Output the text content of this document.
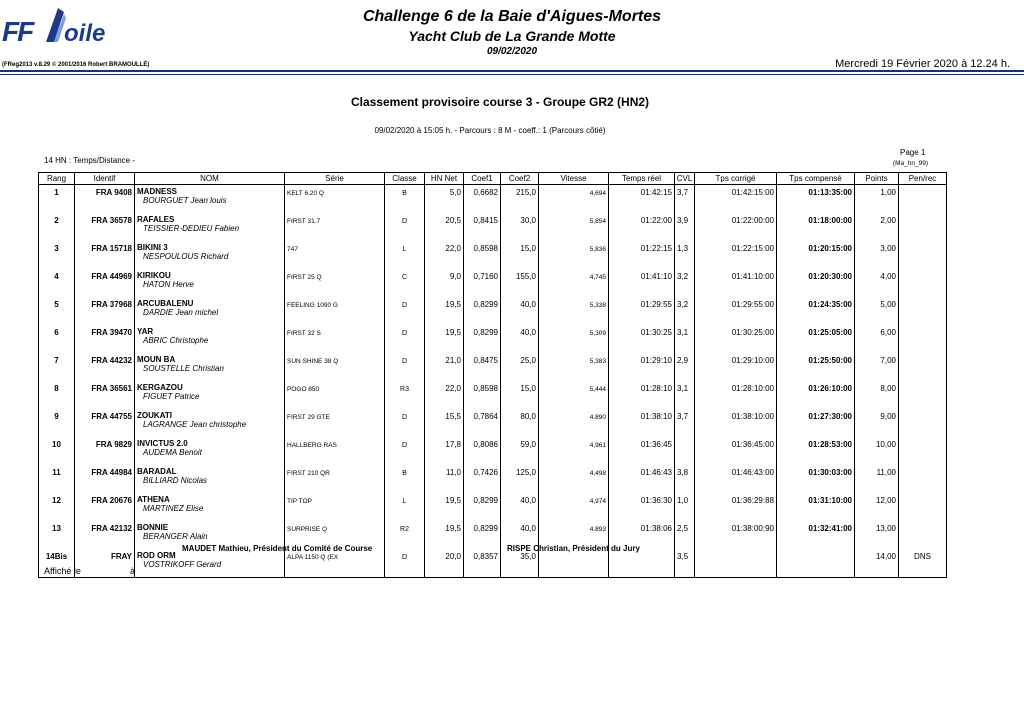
FF oile
Challenge 6 de la Baie d'Aigues-Mortes
Yacht Club de La Grande Motte
09/02/2020
(FReg2013 v.8.29 © 2001/2016 Robert BRAMOULLÉ)	Mercredi 19 Février 2020 à 12.24 h.
Classement provisoire course 3 - Groupe GR2 (HN2)
09/02/2020 à 15:05 h. - Parcours : 8 M - coeff.: 1 (Parcours côtié)
14 HN : Temps/Distance -
Page 1
(Ma_hn_99)
Rang	Identif	NOM	Série	Classe	HN Net	Coef1	Coef2	Vitesse	Temps réel	CVL	Tps corrigé	Tps compensé	Points	Pen/rec
1	FRA 9408	MADNESS
BOURGUET Jean louis	KELT 6,20 Q	B	5,0	0,6682	215,0	4,694	01:42:15	3,7	01:42:15:00	01:13:35:00	1,00	
2	FRA 36578	RAFALES
TEISSIER-DEDIEU Fabien	FIRST 31.7	D	20,5	0,8415	30,0	5,854	01:22:00	3,9	01:22:00:00	01:18:00:00	2,00	
3	FRA 15718	BIKINI 3
NESPOULOUS Richard	747	L	22,0	0,8598	15,0	5,836	01:22:15	1,3	01:22:15:00	01:20:15:00	3,00	
4	FRA 44969	KIRIKOU
HATON Herve	FIRST 25 Q	C	9,0	0,7160	155,0	4,745	01:41:10	3,2	01:41:10:00	01:20:30:00	4,00	
5	FRA 37968	ARCUBALENU
DARDIE Jean michel	FEELING 1090 G	D	19,5	0,8299	40,0	5,338	01:29:55	3,2	01:29:55:00	01:24:35:00	5,00	
6	FRA 39470	YAR
ABRIC Christophe	FIRST 32 S	D	19,5	0,8299	40,0	5,309	01:30:25	3,1	01:30:25:00	01:25:05:00	6,00	
7	FRA 44232	MOUN BA
SOUSTELLE Christian	SUN SHINE 38 Q	D	21,0	0,8475	25,0	5,383	01:29:10	2,9	01:29:10:00	01:25:50:00	7,00	
8	FRA 36561	KERGAZOU
FIGUET Patrice	POGO 850	R3	22,0	0,8598	15,0	5,444	01:28:10	3,1	01:28:10:00	01:26:10:00	8,00	
9	FRA 44755	ZOUKATI
LAGRANGE Jean christophe	FIRST 29 GTE	D	15,5	0,7864	80,0	4,890	01:38:10	3,7	01:38:10:00	01:27:30:00	9,00	
10	FRA 9829	INVICTUS 2.0
AUDEMA Benoit	HALLBERG RAS	D	17,8	0,8086	59,0	4,961	01:36:45		01:36:45:00	01:28:53:00	10,00	
11	FRA 44984	BARADAL
BILLIARD Nicolas	FIRST 210 QR	B	11,0	0,7426	125,0	4,498	01:46:43	3,8	01:46:43:00	01:30:03:00	11,00	
12	FRA 20676	ATHENA
MARTINEZ Elise	TIP TOP	L	19,5	0,8299	40,0	4,974	01:36:30	1,0	01:36:29:88	01:31:10:00	12,00	
13	FRA 42132	BONNIE
BERANGER Alain	SURPRISE Q	R2	19,5	0,8299	40,0	4,893	01:38:06	2,5	01:38:00:90	01:32:41:00	13,00	
14Bis	FRAY	ROD ORM
VOSTRIKOFF Gerard	ALPA 1150 Q (EX	D	20,0	0,8357	35,0			3,5			14,00	DNS
MAUDET Mathieu, Président du Comité de Course	RISPE Christian, Président du Jury
Affiché le	à
